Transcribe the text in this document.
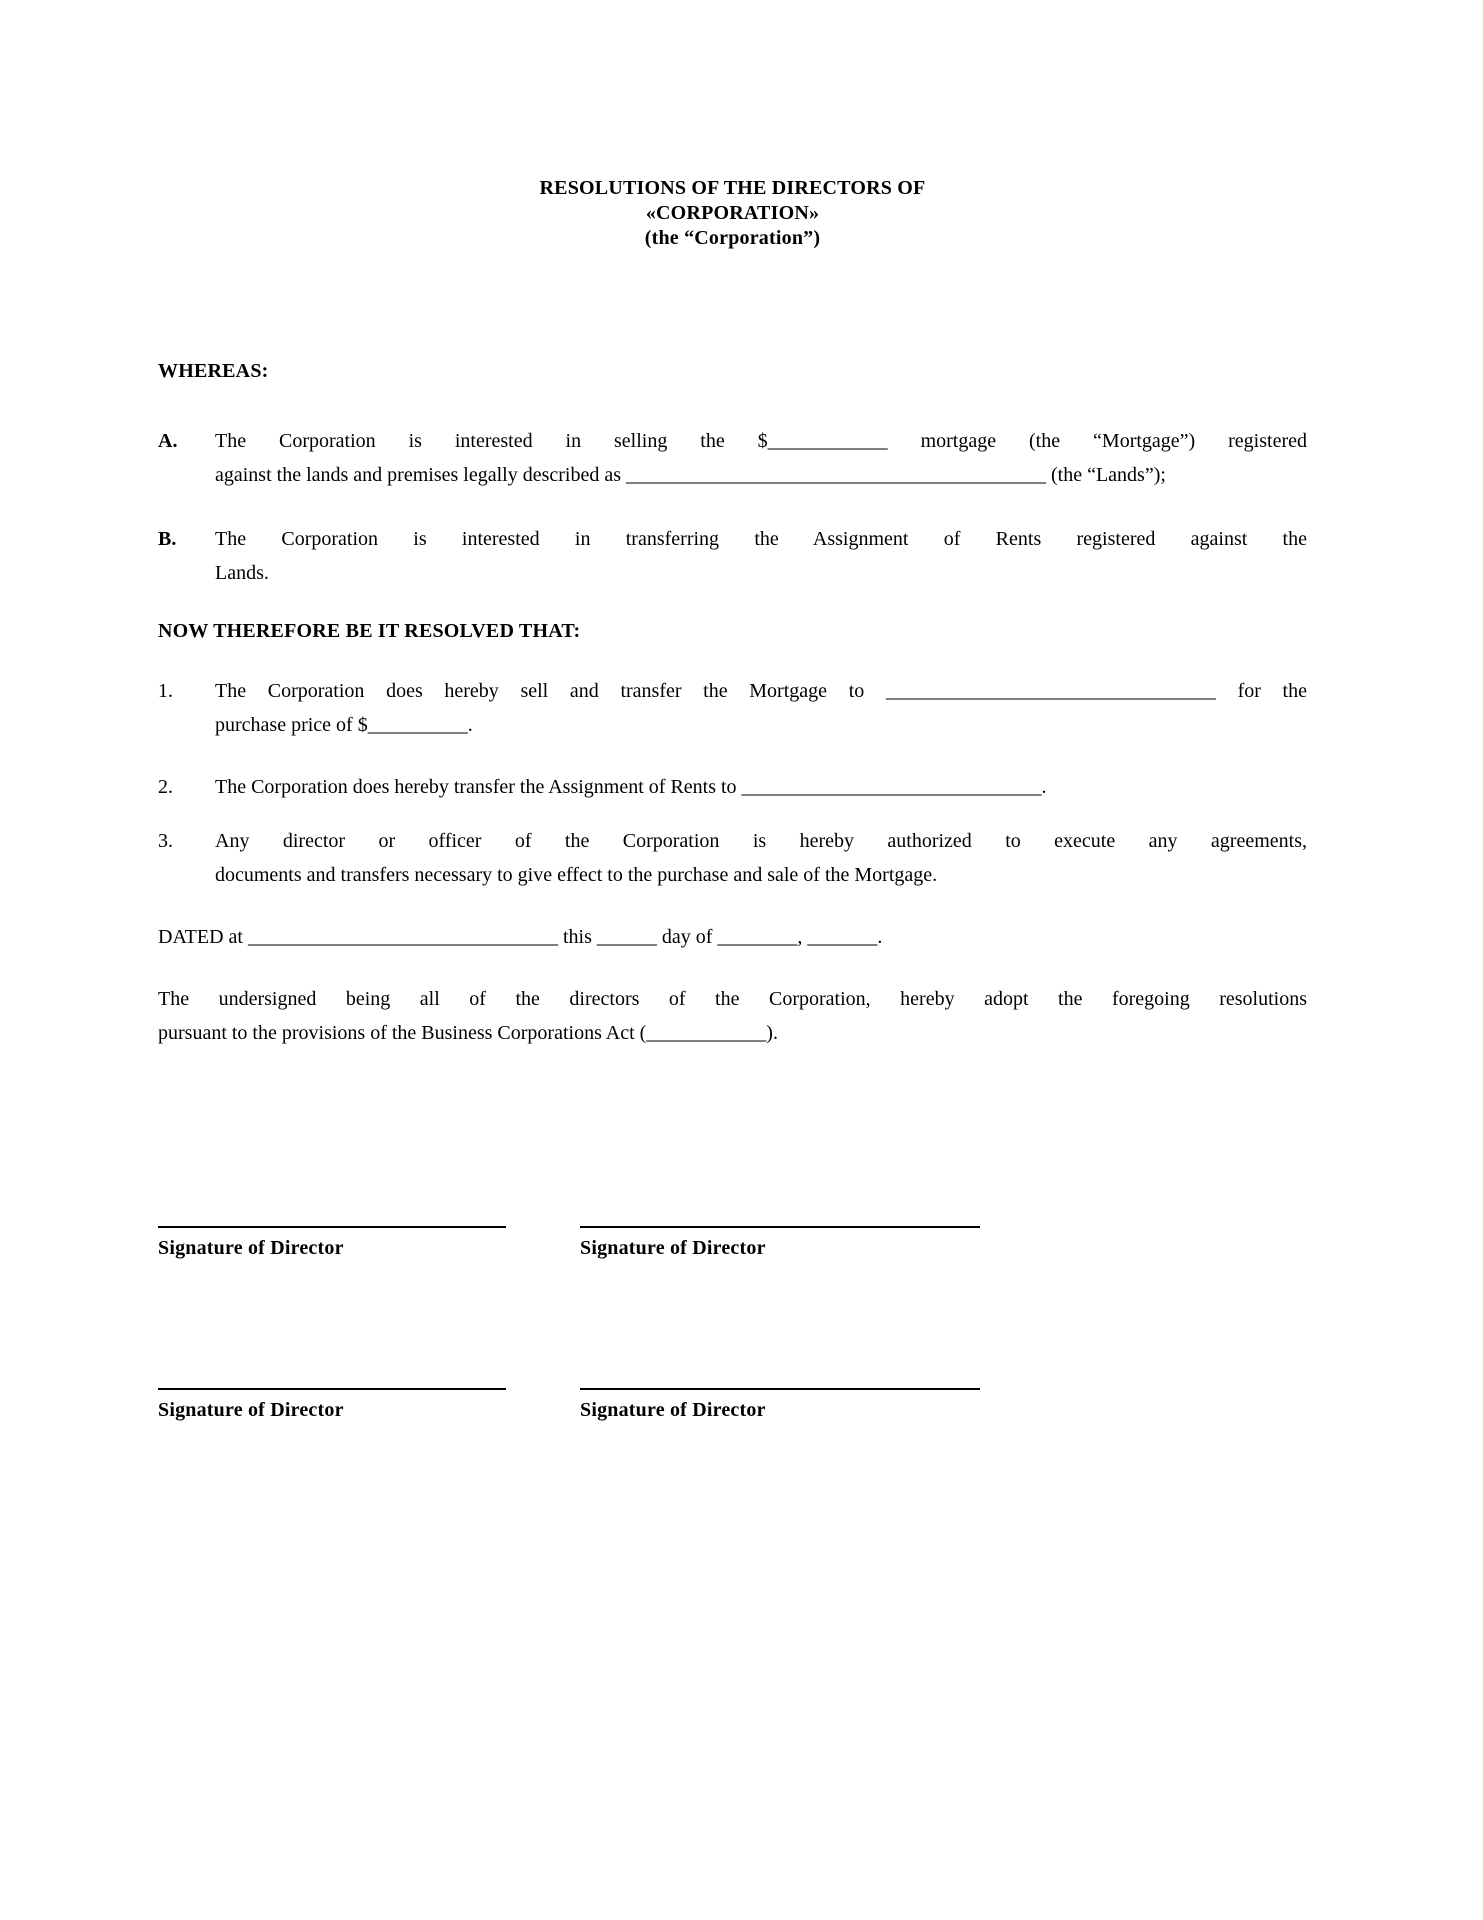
RESOLUTIONS OF THE DIRECTORS OF
«CORPORATION»
(the “Corporation”)
WHEREAS:
A.	The Corporation is interested in selling the $____________ mortgage (the “Mortgage”) registered
against the lands and premises legally described as __________________________________________ (the “Lands”);
B.	The Corporation is interested in transferring the Assignment of Rents registered against the
Lands.
NOW THEREFORE BE IT RESOLVED THAT:
1.	The Corporation does hereby sell and transfer the Mortgage to _________________________________ for the
purchase price of $__________.
2.	The Corporation does hereby transfer the Assignment of Rents to ______________________________.
3.	Any director or officer of the Corporation is hereby authorized to execute any agreements,
documents and transfers necessary to give effect to the purchase and sale of the Mortgage.
DATED at _______________________________ this ______ day of ________, _______.
The undersigned being all of the directors of the Corporation, hereby adopt the foregoing resolutions
pursuant to the provisions of the Business Corporations Act (____________).
Signature of Director	Signature of Director
Signature of Director	Signature of Director
